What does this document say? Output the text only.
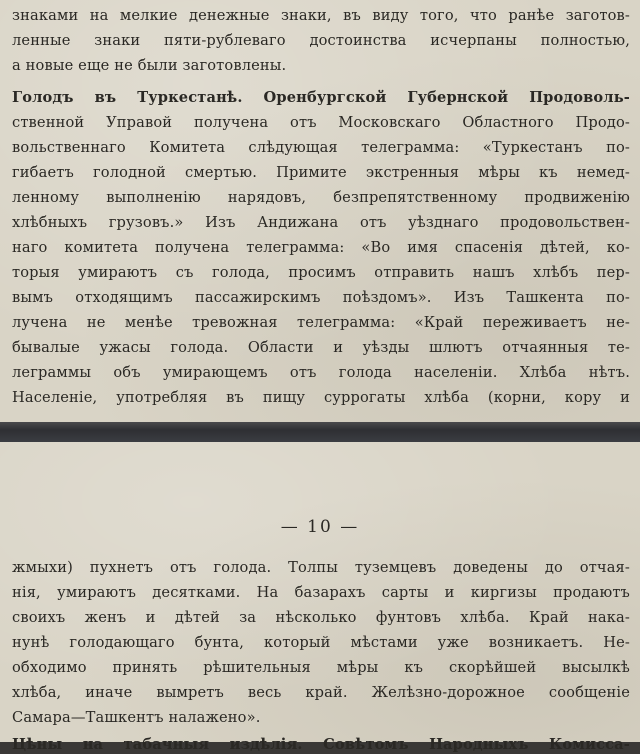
знаками на мелкие денежные знаки, въ виду того, что ранѣе заготов-
ленные знаки пяти-рублеваго достоинства исчерпаны полностью,
а новые еще не были заготовлены.
Голодъ въ Туркестанѣ. Оренбургской Губернской Продоволь-
ственной Управой получена отъ Московскаго Областного Продо-
вольственнаго Комитета слѣдующая телеграмма: «Туркестанъ по-
гибаетъ голодной смертью. Примите экстренныя мѣры къ немед-
ленному выполненію нарядовъ, безпрепятственному продвиженію
хлѣбныхъ грузовъ.» Изъ Андижана отъ уѣзднаго продовольствен-
наго комитета получена телеграмма: «Во имя спасенія дѣтей, ко-
торыя умираютъ съ голода, просимъ отправить нашъ хлѣбъ пер-
вымъ отходящимъ пассажирскимъ поѣздомъ». Изъ Ташкента по-
лучена не менѣе тревожная телеграмма: «Край переживаетъ не-
бывалые ужасы голода. Области и уѣзды шлютъ отчаянныя те-
леграммы объ умирающемъ отъ голода населеніи. Хлѣба нѣтъ.
Населеніе, употребляя въ пищу суррогаты хлѣба (корни, кору и
— 10 —
жмыхи) пухнетъ отъ голода. Толпы туземцевъ доведены до отчая-
нія, умираютъ десятками. На базарахъ сарты и киргизы продаютъ
своихъ женъ и дѣтей за нѣсколько фунтовъ хлѣба. Край нака-
нунѣ голодающаго бунта, который мѣстами уже возникаетъ. Не-
обходимо принять рѣшительныя мѣры къ скорѣйшей высылкѣ
хлѣба, иначе вымретъ весь край. Желѣзно-дорожное сообщеніе
Самара—Ташкентъ налажено».
Цѣны на табачныя издѣлія. Совѣтомъ Народныхъ Комисса-
